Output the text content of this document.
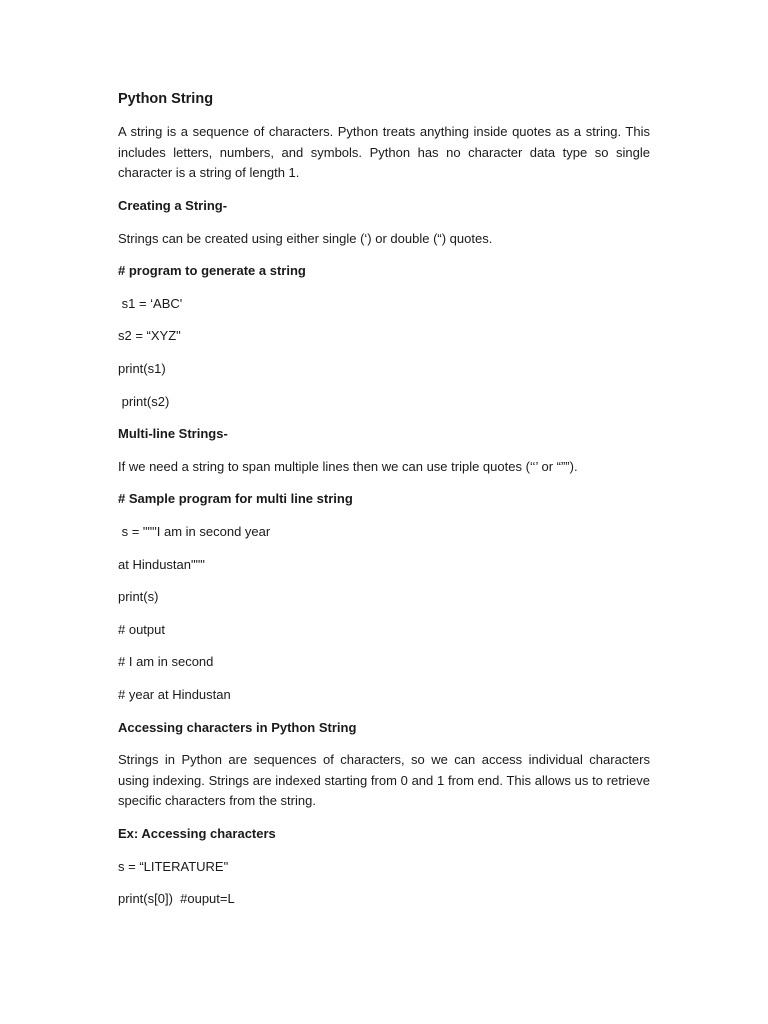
Python String
A string is a sequence of characters. Python treats anything inside quotes as a string. This includes letters, numbers, and symbols. Python has no character data type so single character is a string of length 1.
Creating a String-
Strings can be created using either single (‘) or double (“) quotes.
# program to generate a string
s1 = ‘ABC'
s2 = “XYZ"
print(s1)
print(s2)
Multi-line Strings-
If we need a string to span multiple lines then we can use triple quotes (‘‘’ or “””).
# Sample program for multi line string
s = """I am in second year
at Hindustan"""
print(s)
# output
# I am in second
# year at Hindustan
Accessing characters in Python String
Strings in Python are sequences of characters, so we can access individual characters using indexing. Strings are indexed starting from 0 and 1 from end. This allows us to retrieve specific characters from the string.
Ex: Accessing characters
s = “LITERATURE"
print(s[0])  #ouput=L
